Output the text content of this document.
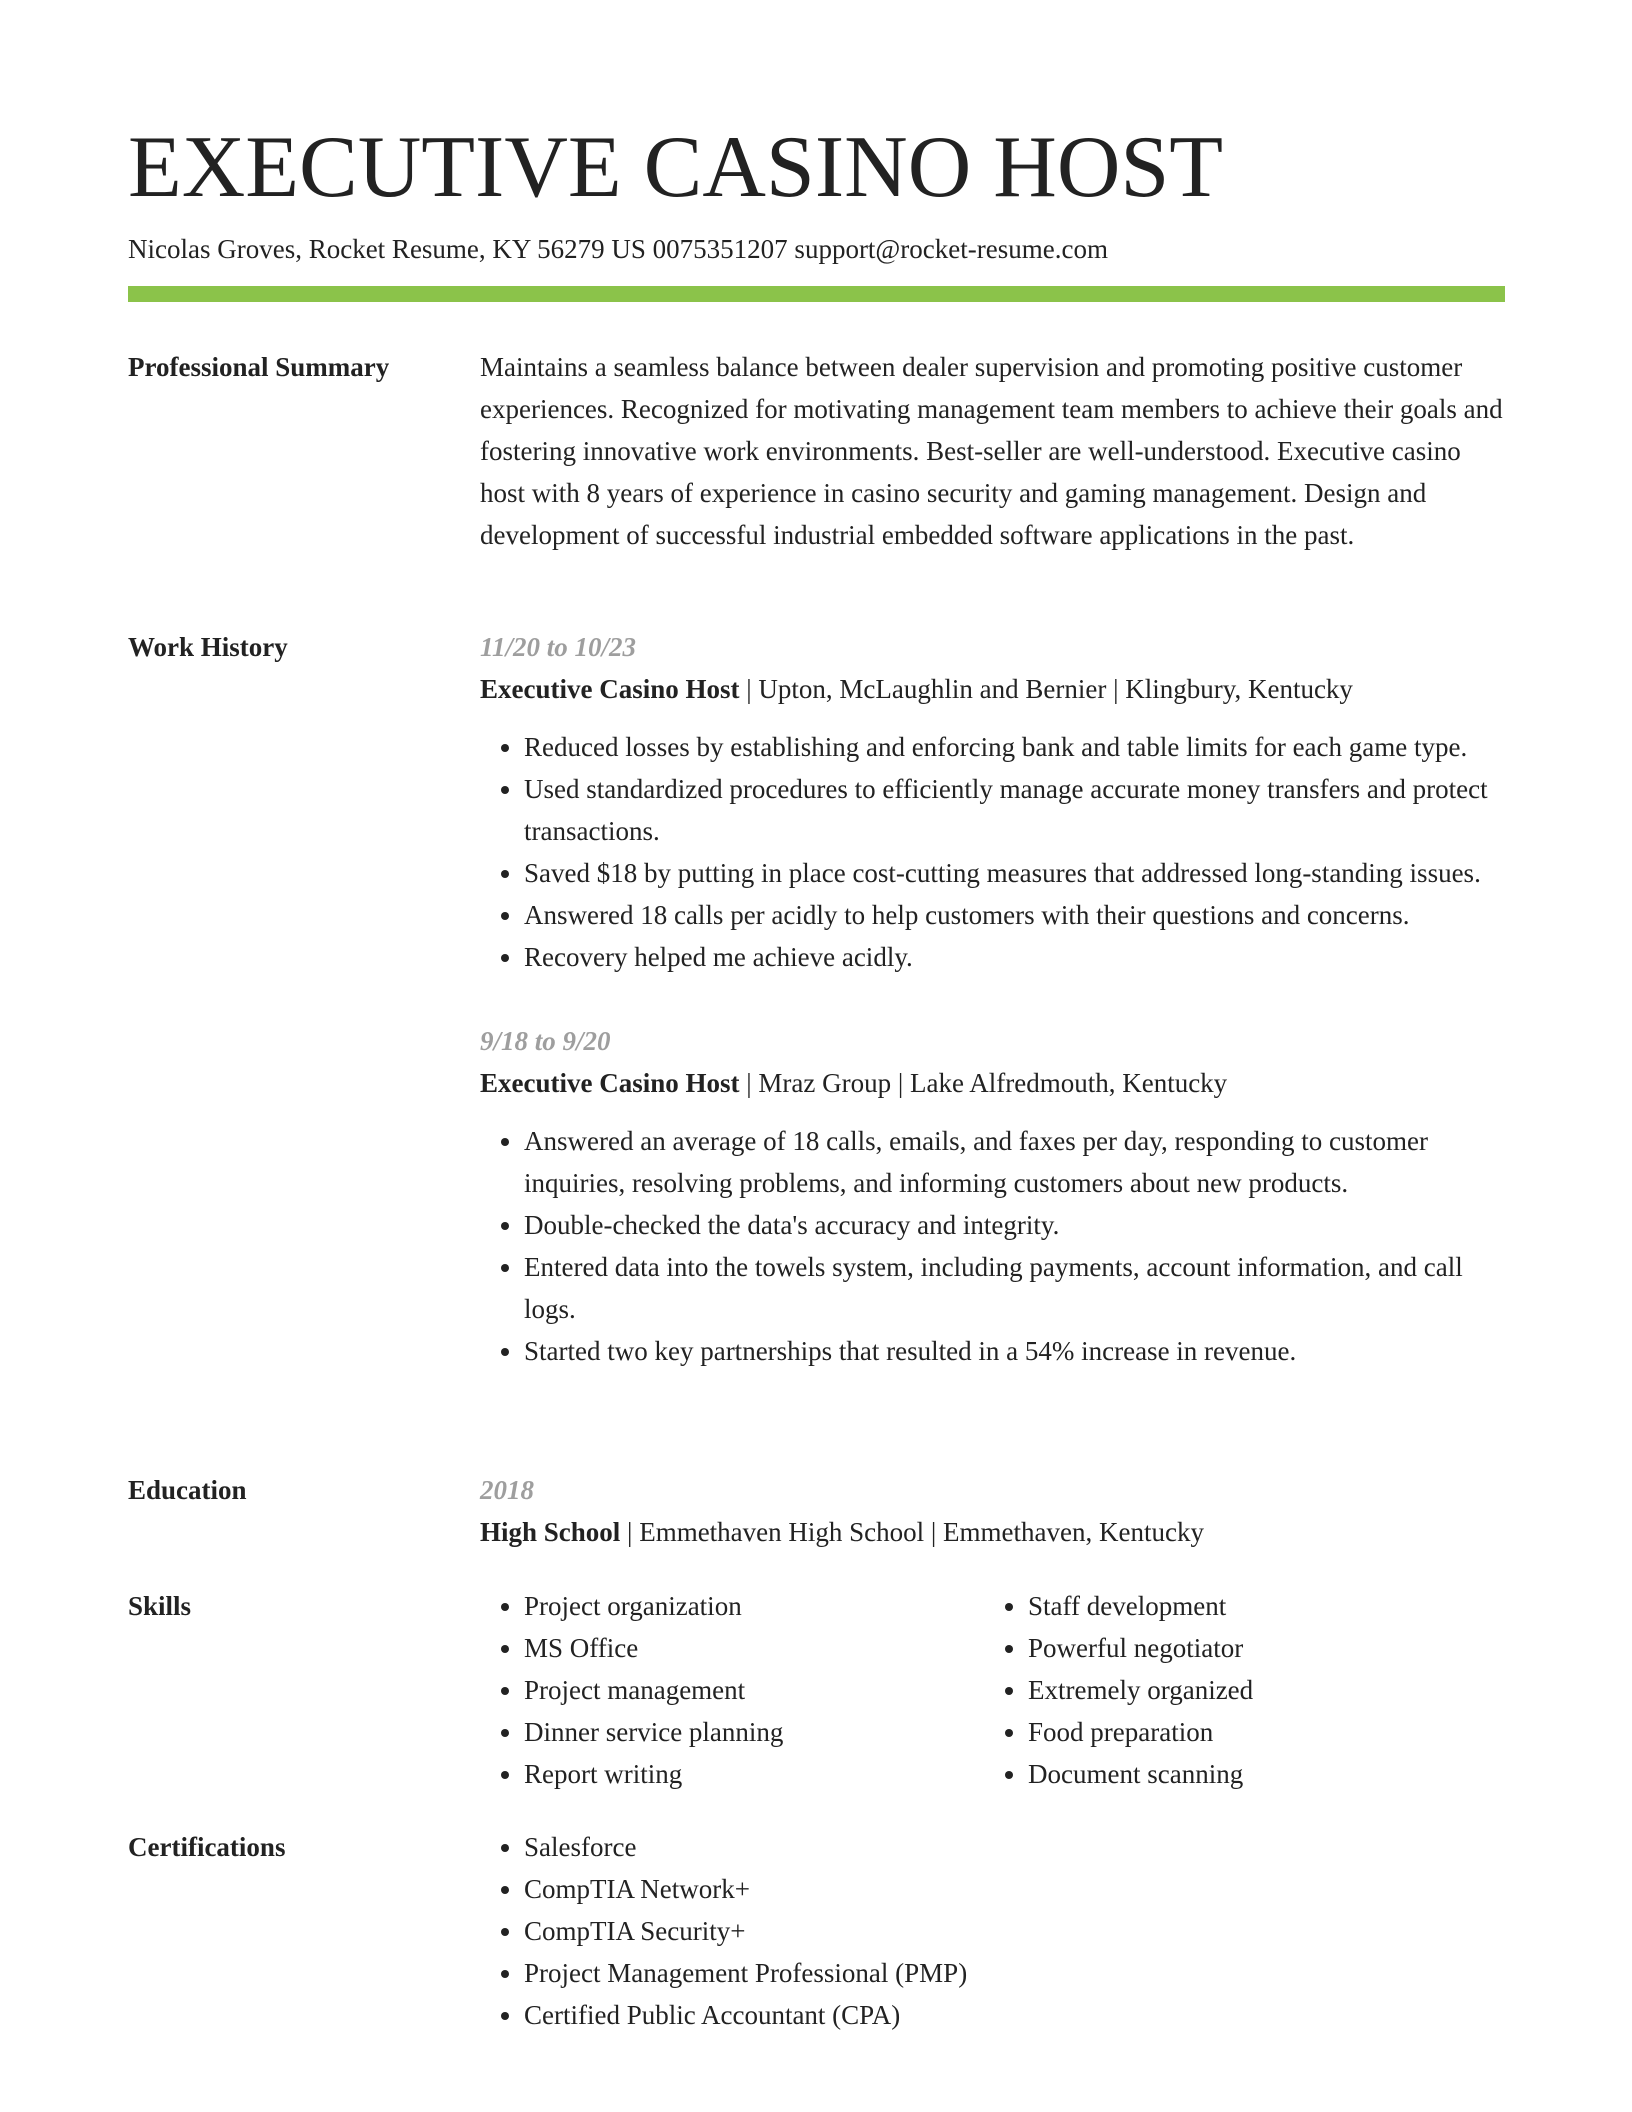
EXECUTIVE CASINO HOST
Nicolas Groves, Rocket Resume, KY 56279 US 0075351207 support@rocket-resume.com
Professional Summary	Maintains a seamless balance between dealer supervision and promoting positive customer experiences. Recognized for motivating management team members to achieve their goals and fostering innovative work environments. Best-seller are well-understood. Executive casino host with 8 years of experience in casino security and gaming management. Design and development of successful industrial embedded software applications in the past.

Work History	11/20 to 10/23
Executive Casino Host | Upton, McLaughlin and Bernier | Klingbury, Kentucky
• Reduced losses by establishing and enforcing bank and table limits for each game type.
• Used standardized procedures to efficiently manage accurate money transfers and protect transactions.
• Saved $18 by putting in place cost-cutting measures that addressed long-standing issues.
• Answered 18 calls per acidly to help customers with their questions and concerns.
• Recovery helped me achieve acidly.
9/18 to 9/20
Executive Casino Host | Mraz Group | Lake Alfredmouth, Kentucky
• Answered an average of 18 calls, emails, and faxes per day, responding to customer inquiries, resolving problems, and informing customers about new products.
• Double-checked the data's accuracy and integrity.
• Entered data into the towels system, including payments, account information, and call logs.
• Started two key partnerships that resulted in a 54% increase in revenue.
Education	2018
High School | Emmethaven High School | Emmethaven, Kentucky
Skills	• Project organization
• MS Office
• Project management
• Dinner service planning
• Report writing
• Staff development
• Powerful negotiator
• Extremely organized
• Food preparation
• Document scanning
Certifications	• Salesforce
• CompTIA Network+
• CompTIA Security+
• Project Management Professional (PMP)
• Certified Public Accountant (CPA)
